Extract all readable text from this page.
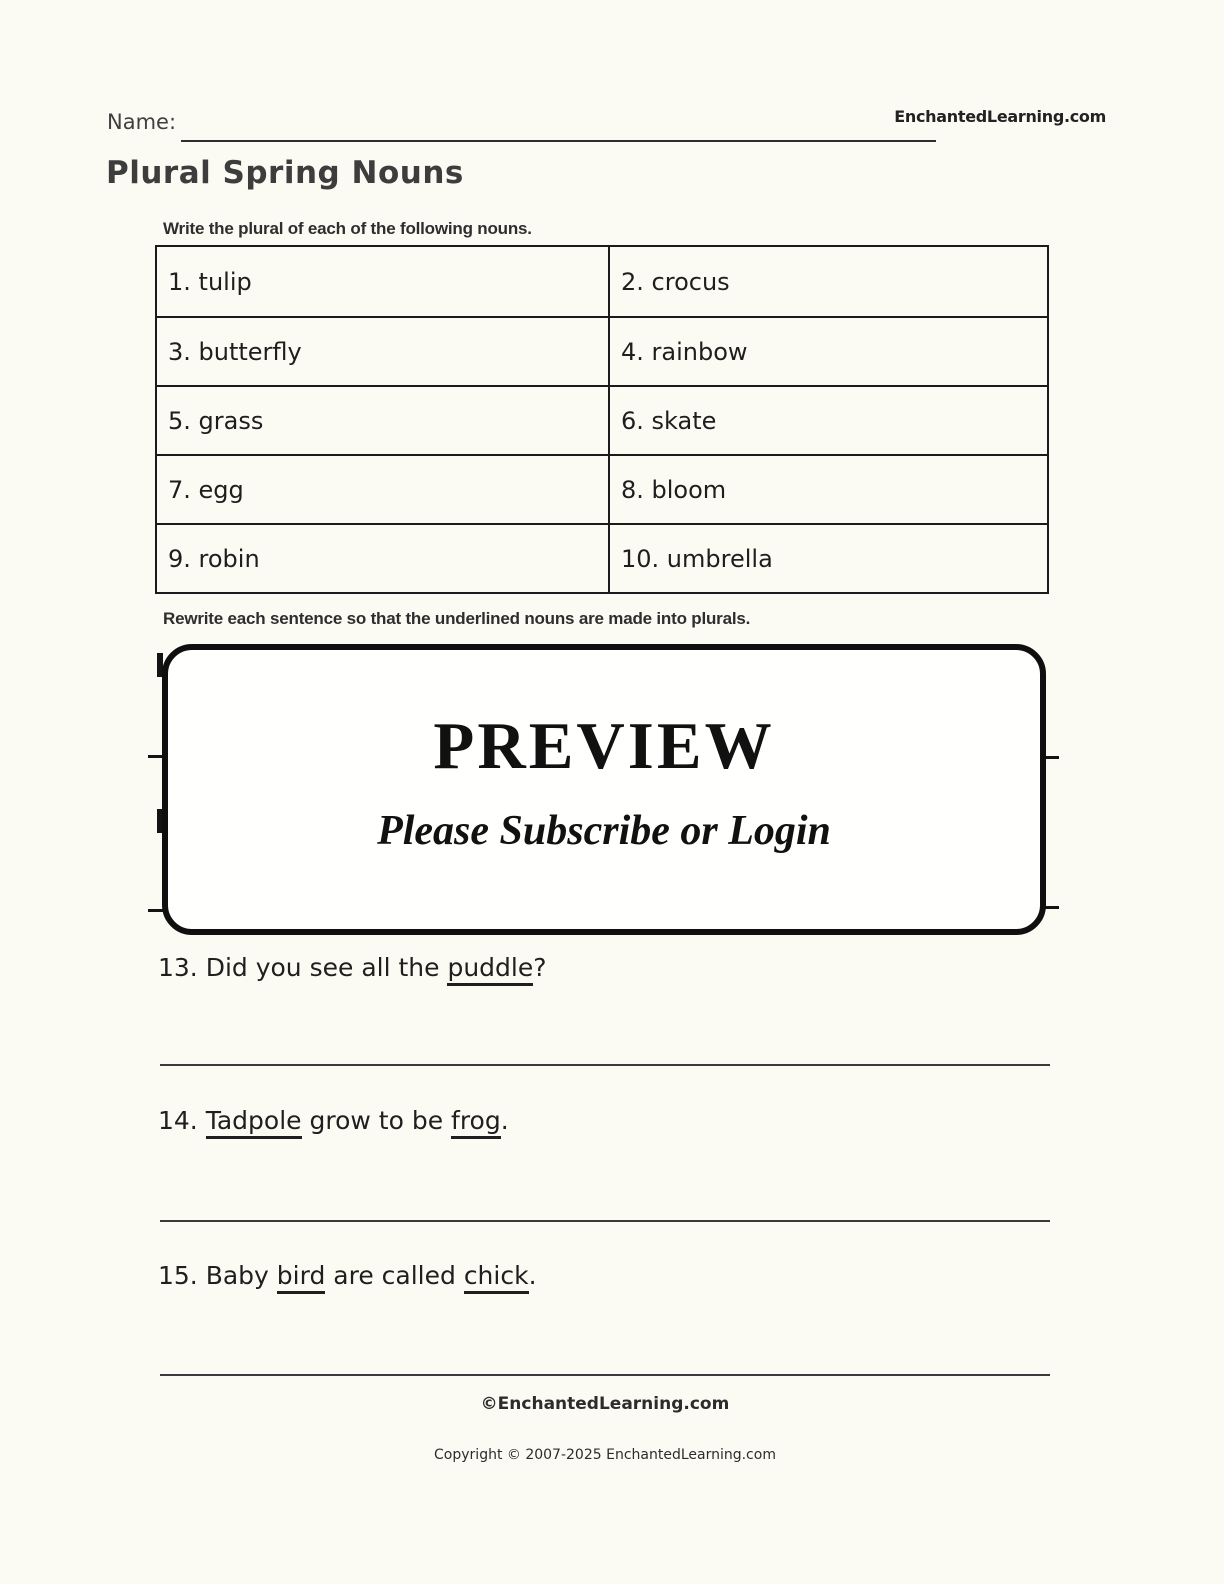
Name:	EnchantedLearning.com
Plural Spring Nouns
Write the plural of each of the following nouns.
1. tulip	2. crocus
3. butterfly	4. rainbow
5. grass	6. skate
7. egg	8. bloom
9. robin	10. umbrella
Rewrite each sentence so that the underlined nouns are made into plurals.
PREVIEW
Please Subscribe or Login
13. Did you see all the puddle?
14. Tadpole grow to be frog.
15. Baby bird are called chick.
©EnchantedLearning.com
Copyright © 2007-2025 EnchantedLearning.com
